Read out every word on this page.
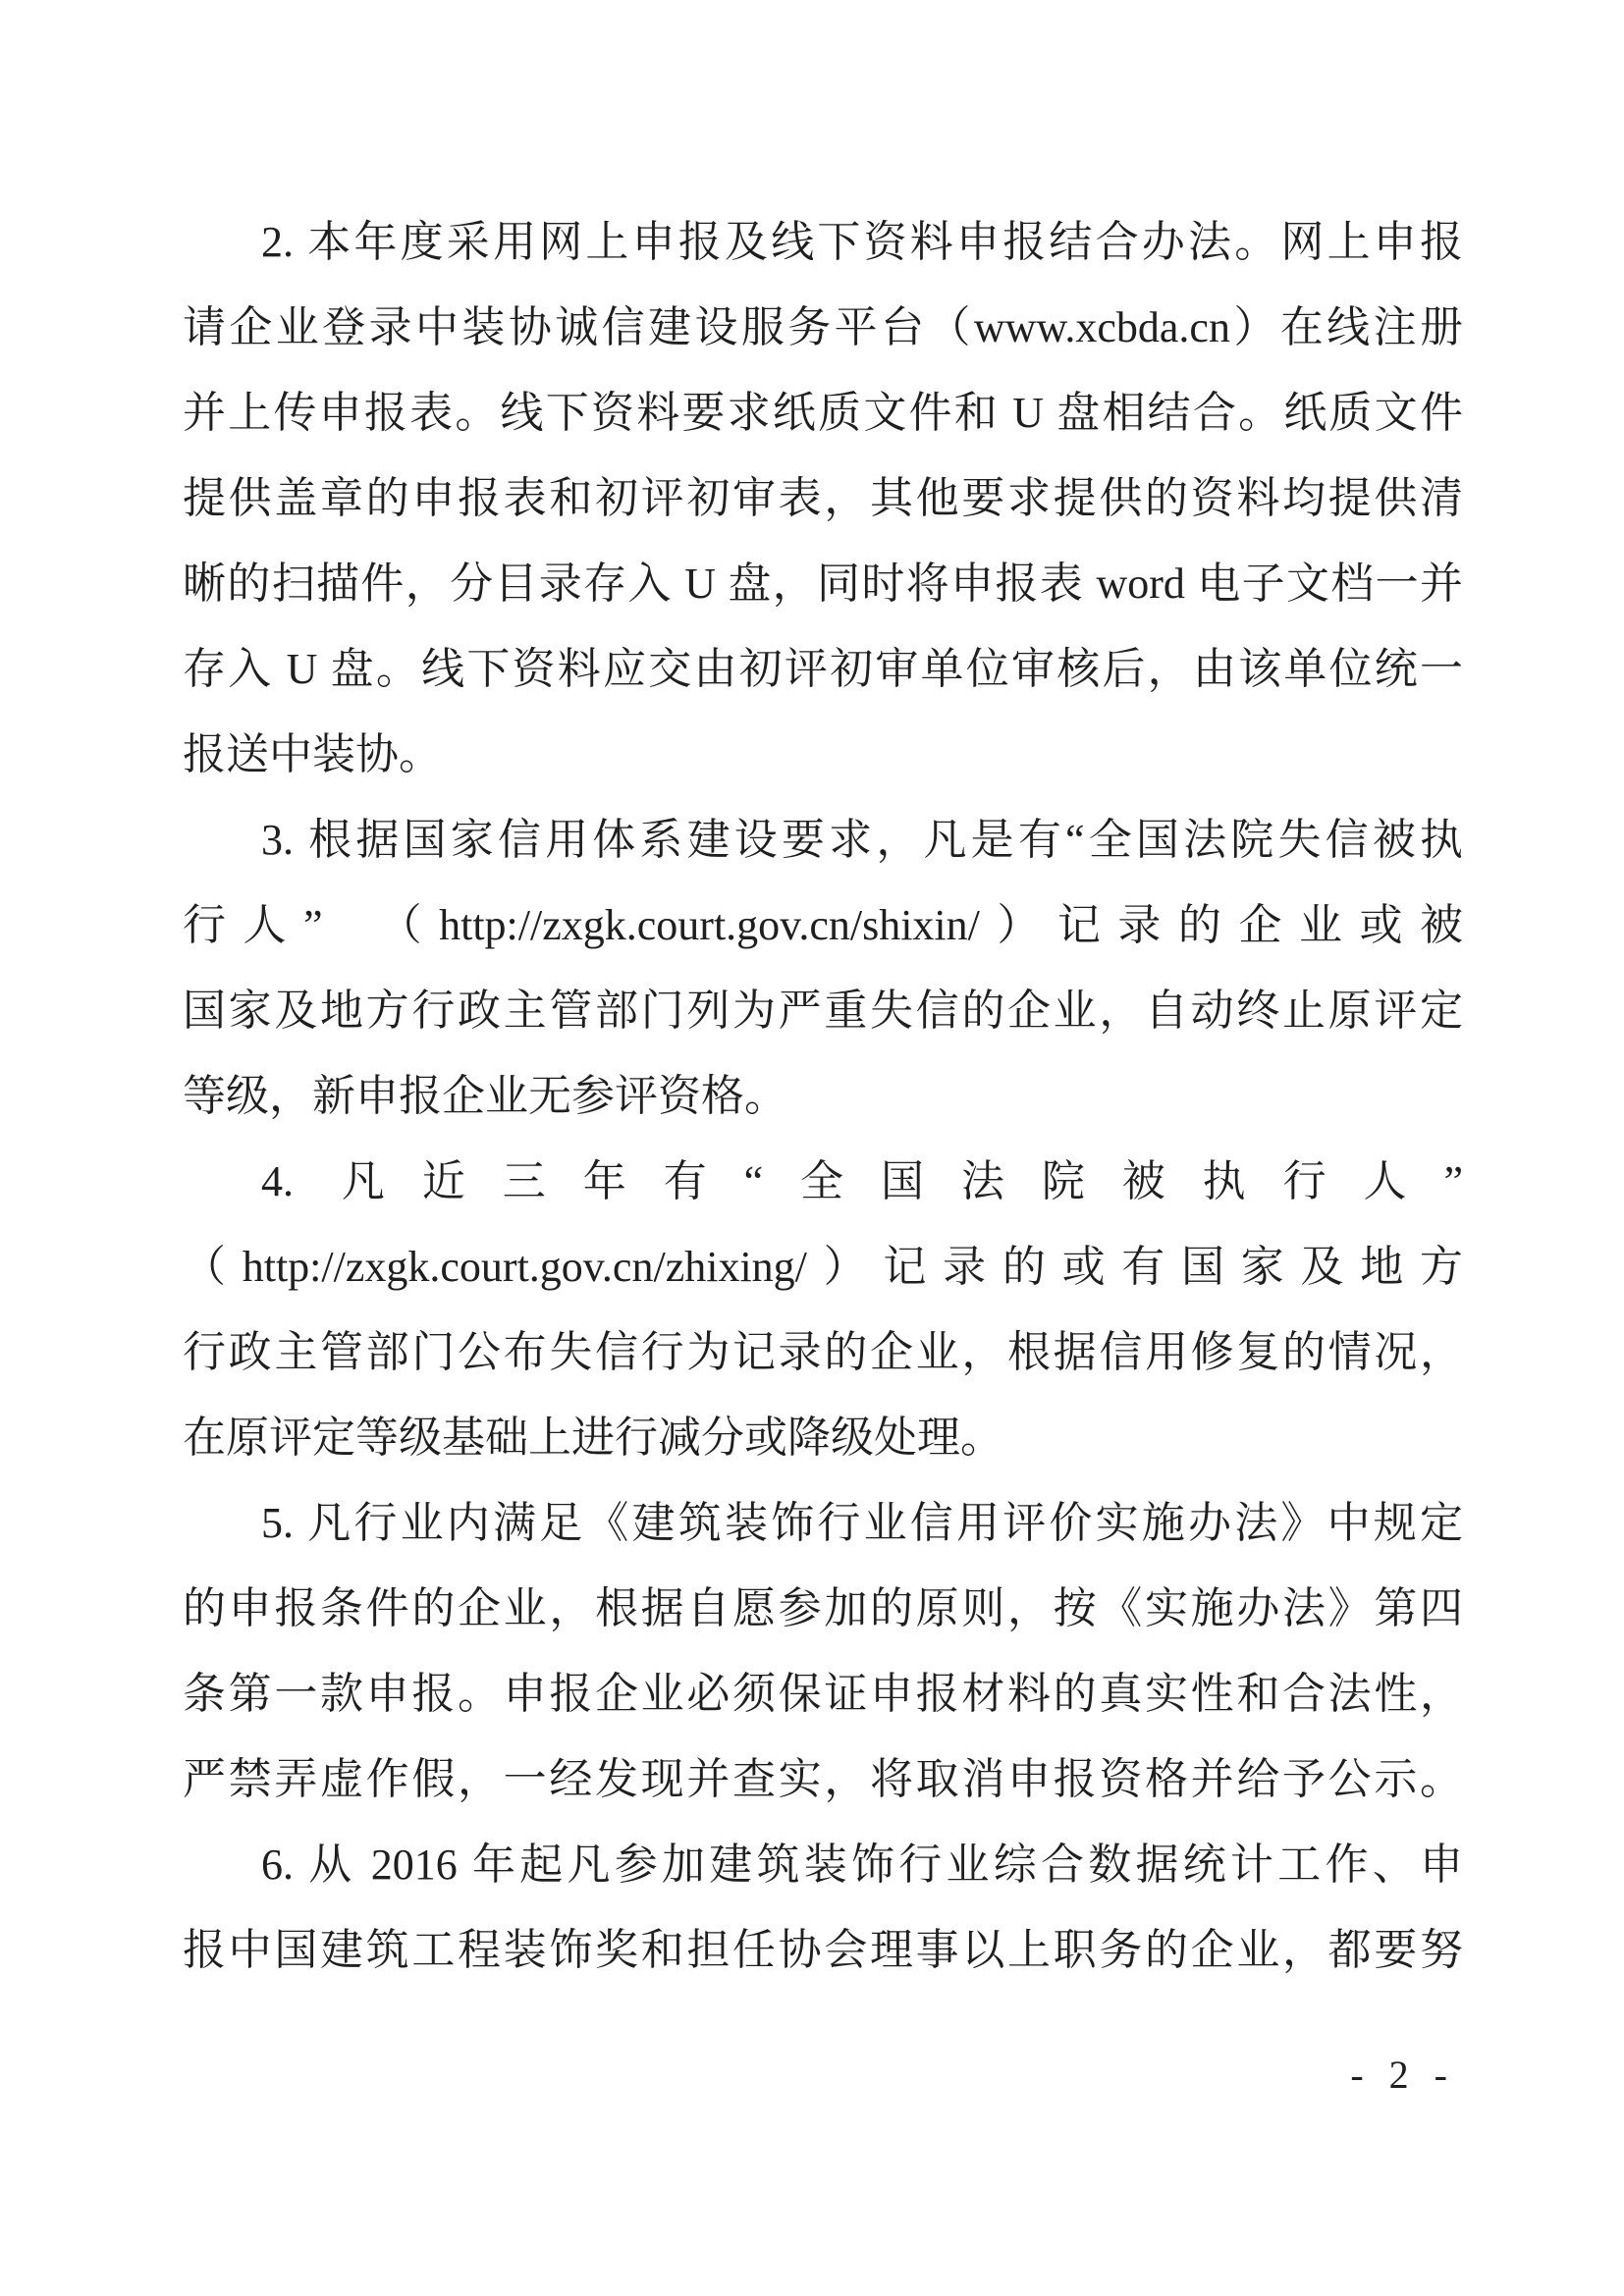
2. 本年度采用网上申报及线下资料申报结合办法。网上申报
请企业登录中装协诚信建设服务平台（www.xcbda.cn）在线注册
并上传申报表。线下资料要求纸质文件和 U 盘相结合。纸质文件
提供盖章的申报表和初评初审表，其他要求提供的资料均提供清
晰的扫描件，分目录存入 U 盘，同时将申报表 word 电子文档一并
存入 U 盘。线下资料应交由初评初审单位审核后，由该单位统一
报送中装协。
3. 根据国家信用体系建设要求，凡是有“全国法院失信被执
行人”　（http://zxgk.court.gov.cn/shixin/）记录的企业或被
国家及地方行政主管部门列为严重失信的企业，自动终止原评定
等级，新申报企业无参评资格。
4. 凡近三年有“全国法院被执行人”
（http://zxgk.court.gov.cn/zhixing/）记录的或有国家及地方
行政主管部门公布失信行为记录的企业，根据信用修复的情况，
在原评定等级基础上进行减分或降级处理。
5. 凡行业内满足《建筑装饰行业信用评价实施办法》中规定
的申报条件的企业，根据自愿参加的原则，按《实施办法》第四
条第一款申报。申报企业必须保证申报材料的真实性和合法性，
严禁弄虚作假，一经发现并查实，将取消申报资格并给予公示。
6. 从 2016 年起凡参加建筑装饰行业综合数据统计工作、申
报中国建筑工程装饰奖和担任协会理事以上职务的企业，都要努
- 2 -
